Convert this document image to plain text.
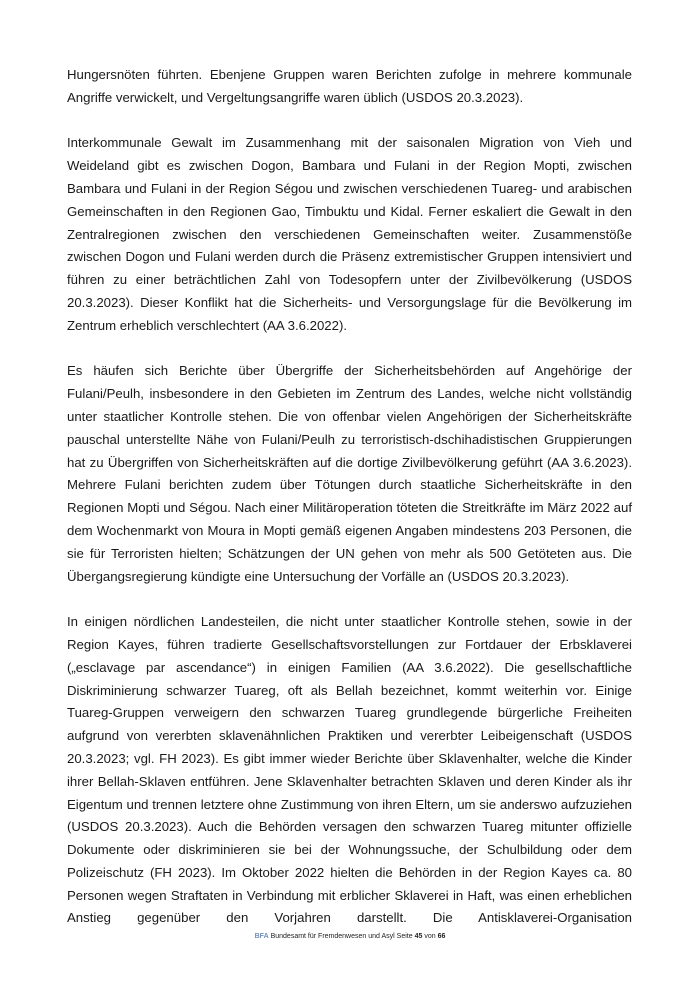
Hungersnöten führten. Ebenjene Gruppen waren Berichten zufolge in mehrere kommunale Angriffe verwickelt, und Vergeltungsangriffe waren üblich (USDOS 20.3.2023).

Interkommunale Gewalt im Zusammenhang mit der saisonalen Migration von Vieh und Weideland gibt es zwischen Dogon, Bambara und Fulani in der Region Mopti, zwischen Bambara und Fulani in der Region Ségou und zwischen verschiedenen Tuareg- und arabischen Gemeinschaften in den Regionen Gao, Timbuktu und Kidal. Ferner eskaliert die Gewalt in den Zentralregionen zwischen den verschiedenen Gemeinschaften weiter. Zusammenstöße zwischen Dogon und Fulani werden durch die Präsenz extremistischer Gruppen intensiviert und führen zu einer beträchtlichen Zahl von Todesopfern unter der Zivilbevölkerung (USDOS 20.3.2023). Dieser Konflikt hat die Sicherheits- und Versorgungslage für die Bevölkerung im Zentrum erheblich verschlechtert (AA 3.6.2022).

Es häufen sich Berichte über Übergriffe der Sicherheitsbehörden auf Angehörige der Fulani/Peulh, insbesondere in den Gebieten im Zentrum des Landes, welche nicht vollständig unter staatlicher Kontrolle stehen. Die von offenbar vielen Angehörigen der Sicherheitskräfte pauschal unterstellte Nähe von Fulani/Peulh zu terroristisch-dschihadistischen Gruppierungen hat zu Übergriffen von Sicherheitskräften auf die dortige Zivilbevölkerung geführt (AA 3.6.2023). Mehrere Fulani berichten zudem über Tötungen durch staatliche Sicherheitskräfte in den Regionen Mopti und Ségou. Nach einer Militäroperation töteten die Streitkräfte im März 2022 auf dem Wochenmarkt von Moura in Mopti gemäß eigenen Angaben mindestens 203 Personen, die sie für Terroristen hielten; Schätzungen der UN gehen von mehr als 500 Getöteten aus. Die Übergangsregierung kündigte eine Untersuchung der Vorfälle an (USDOS 20.3.2023).

In einigen nördlichen Landesteilen, die nicht unter staatlicher Kontrolle stehen, sowie in der Region Kayes, führen tradierte Gesellschaftsvorstellungen zur Fortdauer der Erbsklaverei („esclavage par ascendance“) in einigen Familien (AA 3.6.2022). Die gesellschaftliche Diskriminierung schwarzer Tuareg, oft als Bellah bezeichnet, kommt weiterhin vor. Einige Tuareg-Gruppen verweigern den schwarzen Tuareg grundlegende bürgerliche Freiheiten aufgrund von vererbten sklavenähnlichen Praktiken und vererbter Leibeigenschaft (USDOS 20.3.2023; vgl. FH 2023). Es gibt immer wieder Berichte über Sklavenhalter, welche die Kinder ihrer Bellah-Sklaven entführen. Jene Sklavenhalter betrachten Sklaven und deren Kinder als ihr Eigentum und trennen letztere ohne Zustimmung von ihren Eltern, um sie anderswo aufzuziehen (USDOS 20.3.2023). Auch die Behörden versagen den schwarzen Tuareg mitunter offizielle Dokumente oder diskriminieren sie bei der Wohnungssuche, der Schulbildung oder dem Polizeischutz (FH 2023). Im Oktober 2022 hielten die Behörden in der Region Kayes ca. 80 Personen wegen Straftaten in Verbindung mit erblicher Sklaverei in Haft, was einen erheblichen Anstieg gegenüber den Vorjahren darstellt. Die Antisklaverei-Organisation

BFA Bundesamt für Fremdenwesen und Asyl Seite 45 von 66
